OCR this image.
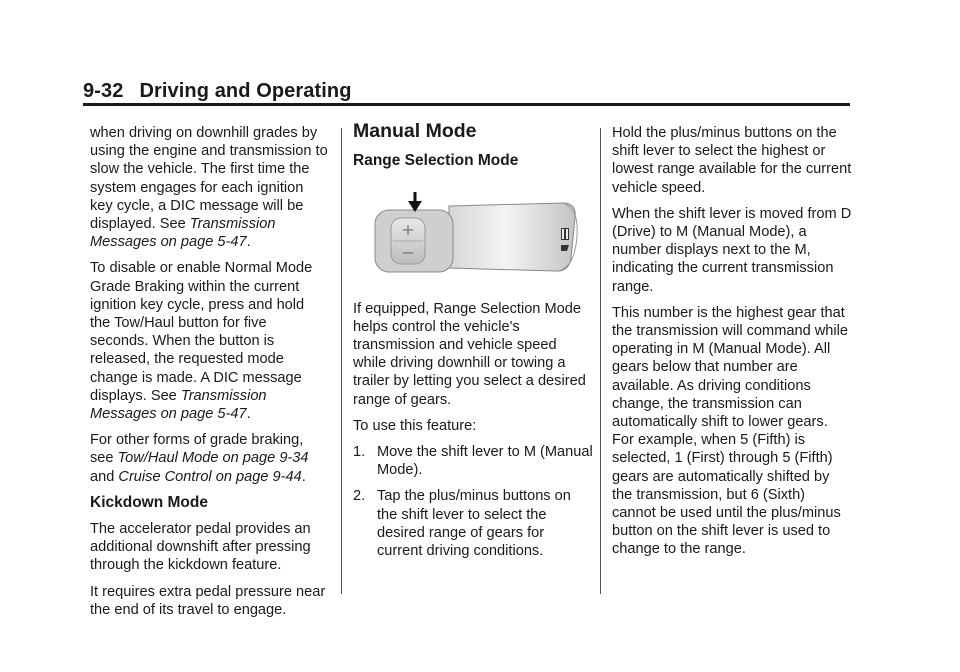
9-32 Driving and Operating

when driving on downhill grades by using the engine and transmission to slow the vehicle. The first time the system engages for each ignition key cycle, a DIC message will be displayed. See Transmission Messages on page 5-47.

To disable or enable Normal Mode Grade Braking within the current ignition key cycle, press and hold the Tow/Haul button for five seconds. When the button is released, the requested mode change is made. A DIC message displays. See Transmission Messages on page 5-47.

For other forms of grade braking, see Tow/Haul Mode on page 9-34 and Cruise Control on page 9-44.

Kickdown Mode

The accelerator pedal provides an additional downshift after pressing through the kickdown feature.

It requires extra pedal pressure near the end of its travel to engage.

Manual Mode
Range Selection Mode

If equipped, Range Selection Mode helps control the vehicle's transmission and vehicle speed while driving downhill or towing a trailer by letting you select a desired range of gears.

To use this feature:

1. Move the shift lever to M (Manual Mode).
2. Tap the plus/minus buttons on the shift lever to select the desired range of gears for current driving conditions.

Hold the plus/minus buttons on the shift lever to select the highest or lowest range available for the current vehicle speed.

When the shift lever is moved from D (Drive) to M (Manual Mode), a number displays next to the M, indicating the current transmission range.

This number is the highest gear that the transmission will command while operating in M (Manual Mode). All gears below that number are available. As driving conditions change, the transmission can automatically shift to lower gears. For example, when 5 (Fifth) is selected, 1 (First) through 5 (Fifth) gears are automatically shifted by the transmission, but 6 (Sixth) cannot be used until the plus/minus button on the shift lever is used to change to the range.
